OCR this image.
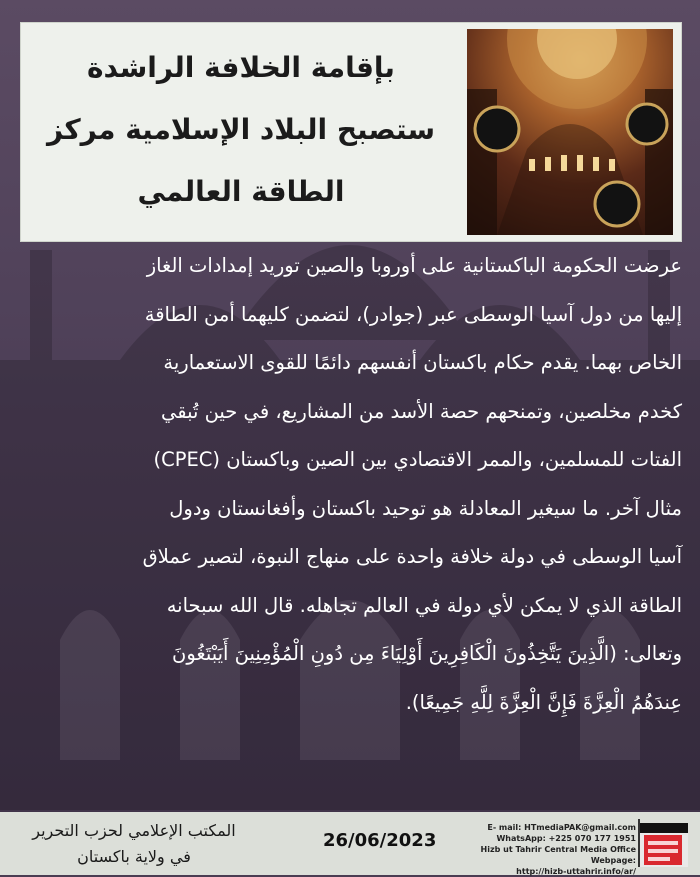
بإقامة الخلافة الراشدة
ستصبح البلاد الإسلامية مركز
الطاقة العالمي
عرضت الحكومة الباكستانية على أوروبا والصين توريد إمدادات الغاز
إليها من دول آسيا الوسطى عبر (جوادر)، لتضمن كليهما أمن الطاقة
الخاص بهما. يقدم حكام باكستان أنفسهم دائمًا للقوى الاستعمارية
كخدم مخلصين، وتمنحهم حصة الأسد من المشاريع، في حين تُبقي
الفتات للمسلمين، والممر الاقتصادي بين الصين وباكستان (CPEC)
مثال آخر. ما سيغير المعادلة هو توحيد باكستان وأفغانستان ودول
آسيا الوسطى في دولة خلافة واحدة على منهاج النبوة، لتصير عملاق
الطاقة الذي لا يمكن لأي دولة في العالم تجاهله. قال الله سبحانه
وتعالى: (الَّذِينَ يَتَّخِذُونَ الْكَافِرِينَ أَوْلِيَاءَ مِن دُونِ الْمُؤْمِنِينَ أَيَبْتَغُونَ
عِندَهُمُ الْعِزَّةَ فَإِنَّ الْعِزَّةَ لِلَّهِ جَمِيعًا).
المكتب الإعلامي لحزب التحرير
في ولاية باكستان
26/06/2023
E- mail: HTmediaPAK@gmail.com
WhatsApp: +225 070 177 1951
Hizb ut Tahrir Central Media Office Webpage:
http://hizb-uttahrir.info/ar/
